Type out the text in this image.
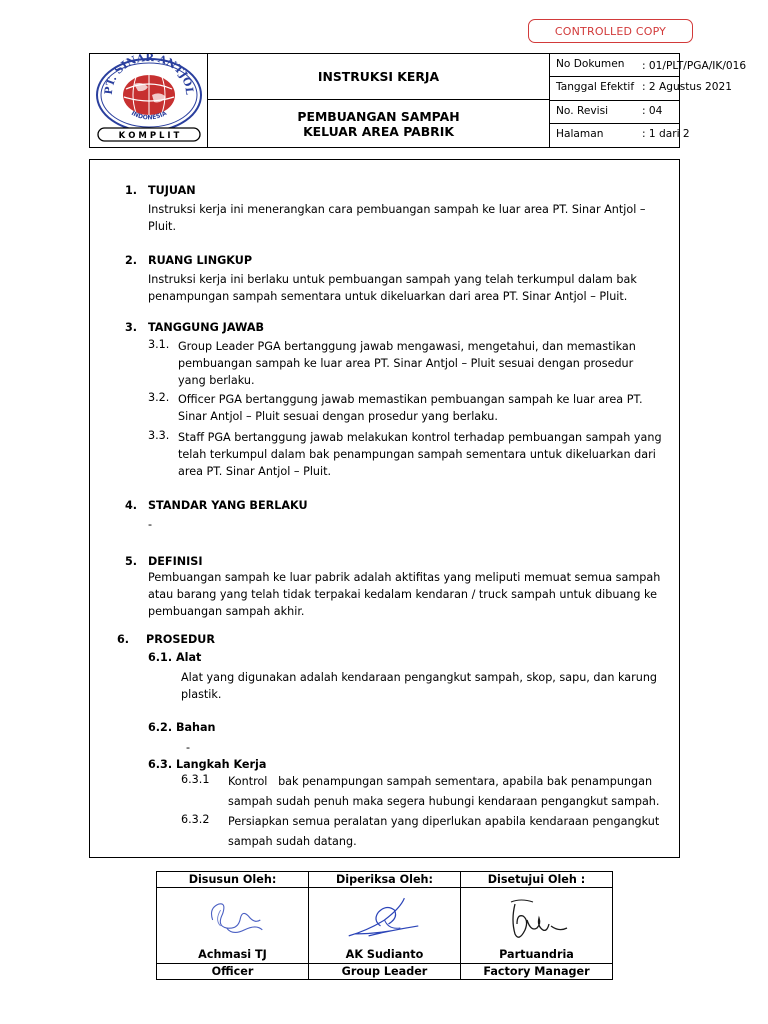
CONTROLLED COPY
PT. SINAR ANTJOL
INDONESIA
K O M P L I T
INSTRUKSI KERJA
PEMBUANGAN SAMPAH
KELUAR AREA PABRIK
No Dokumen : 01/PLT/PGA/IK/016
Tanggal Efektif : 2 Agustus 2021
No. Revisi	: 04
Halaman	: 1 dari 2
1. TUJUAN
Instruksi kerja ini menerangkan cara pembuangan sampah ke luar area PT. Sinar Antjol –
Pluit.
2. RUANG LINGKUP
Instruksi kerja ini berlaku untuk pembuangan sampah yang telah terkumpul dalam bak
penampungan sampah sementara untuk dikeluarkan dari area PT. Sinar Antjol – Pluit.
3. TANGGUNG JAWAB
3.1. Group Leader PGA bertanggung jawab mengawasi, mengetahui, dan memastikan
pembuangan sampah ke luar area PT. Sinar Antjol – Pluit sesuai dengan prosedur
yang berlaku.
3.2. Officer PGA bertanggung jawab memastikan pembuangan sampah ke luar area PT.
Sinar Antjol – Pluit sesuai dengan prosedur yang berlaku.
3.3. Staff PGA bertanggung jawab melakukan kontrol terhadap pembuangan sampah yang
telah terkumpul dalam bak penampungan sampah sementara untuk dikeluarkan dari
area PT. Sinar Antjol – Pluit.
4. STANDAR YANG BERLAKU
-
5. DEFINISI
Pembuangan sampah ke luar pabrik adalah aktifitas yang meliputi memuat semua sampah
atau barang yang telah tidak terpakai kedalam kendaran / truck sampah untuk dibuang ke
pembuangan sampah akhir.
6. PROSEDUR
6.1. Alat
Alat yang digunakan adalah kendaraan pengangkut sampah, skop, sapu, dan karung
plastik.
6.2. Bahan
-
6.3. Langkah Kerja
6.3.1 Kontrol   bak penampungan sampah sementara, apabila bak penampungan
sampah sudah penuh maka segera hubungi kendaraan pengangkut sampah.
6.3.2 Persiapkan semua peralatan yang diperlukan apabila kendaraan pengangkut
sampah sudah datang.
Disusun Oleh:
Achmasi TJ
Officer
Diperiksa Oleh:
AK Sudianto
Group Leader
Disetujui Oleh :
Partuandria
Factory Manager
